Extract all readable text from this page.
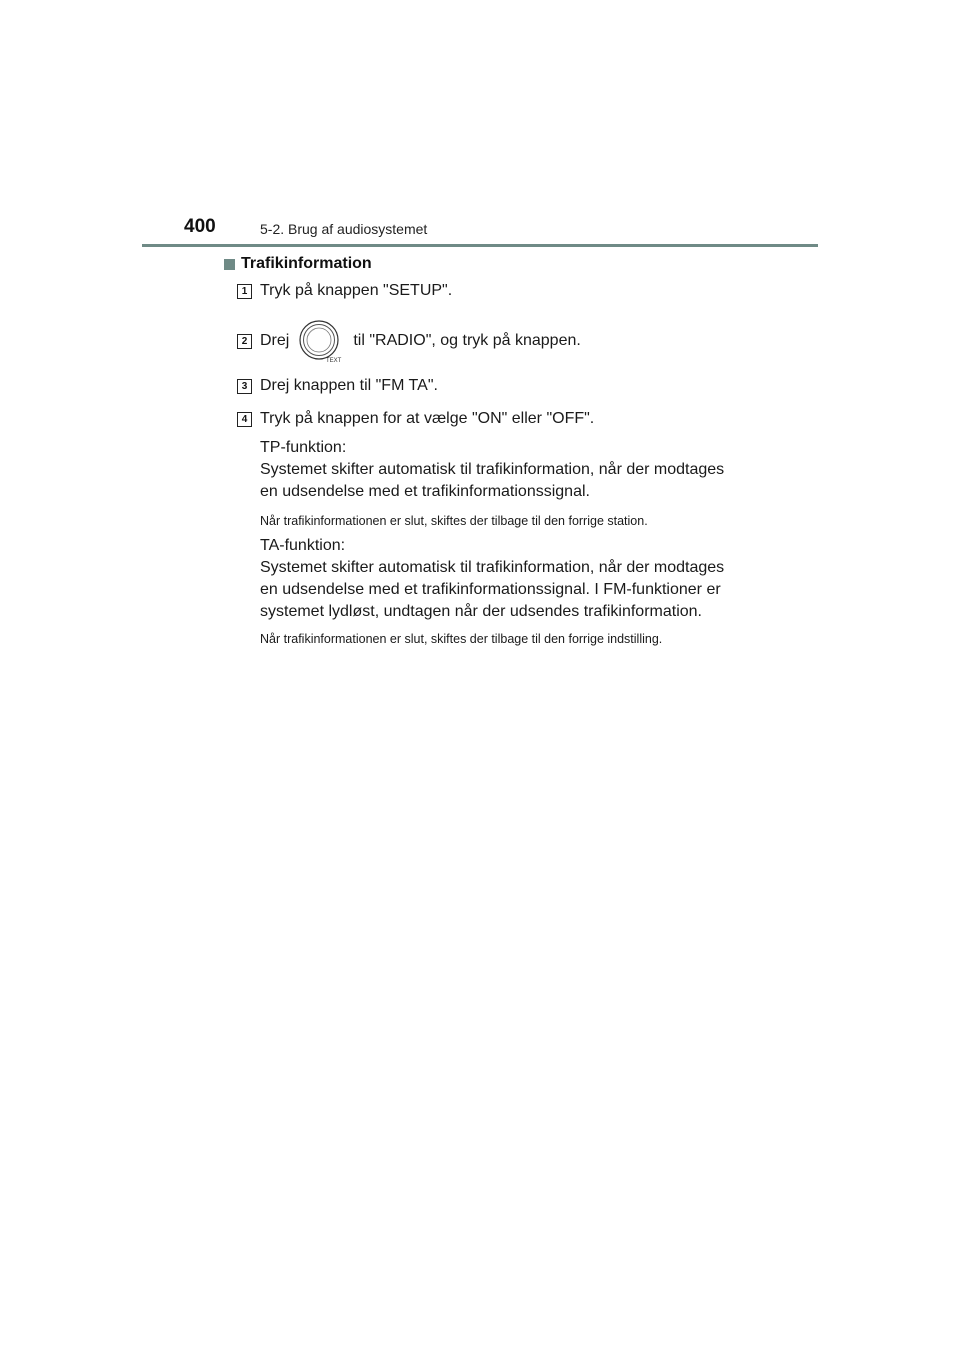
400	5-2. Brug af audiosystemet
Trafikinformation
1 Tryk på knappen "SETUP".
2 Drej
TEXT
til "RADIO", og tryk på knappen.
3 Drej knappen til "FM TA".
4 Tryk på knappen for at vælge "ON" eller "OFF".

TP-funktion:

Systemet skifter automatisk til trafikinformation, når der modtages

en udsendelse med et trafikinformationssignal.

Når trafikinformationen er slut, skiftes der tilbage til den forrige station.

TA-funktion:

Systemet skifter automatisk til trafikinformation, når der modtages

en udsendelse med et trafikinformationssignal. I FM-funktioner er

systemet lydløst, undtagen når der udsendes trafikinformation.

Når trafikinformationen er slut, skiftes der tilbage til den forrige indstilling.
